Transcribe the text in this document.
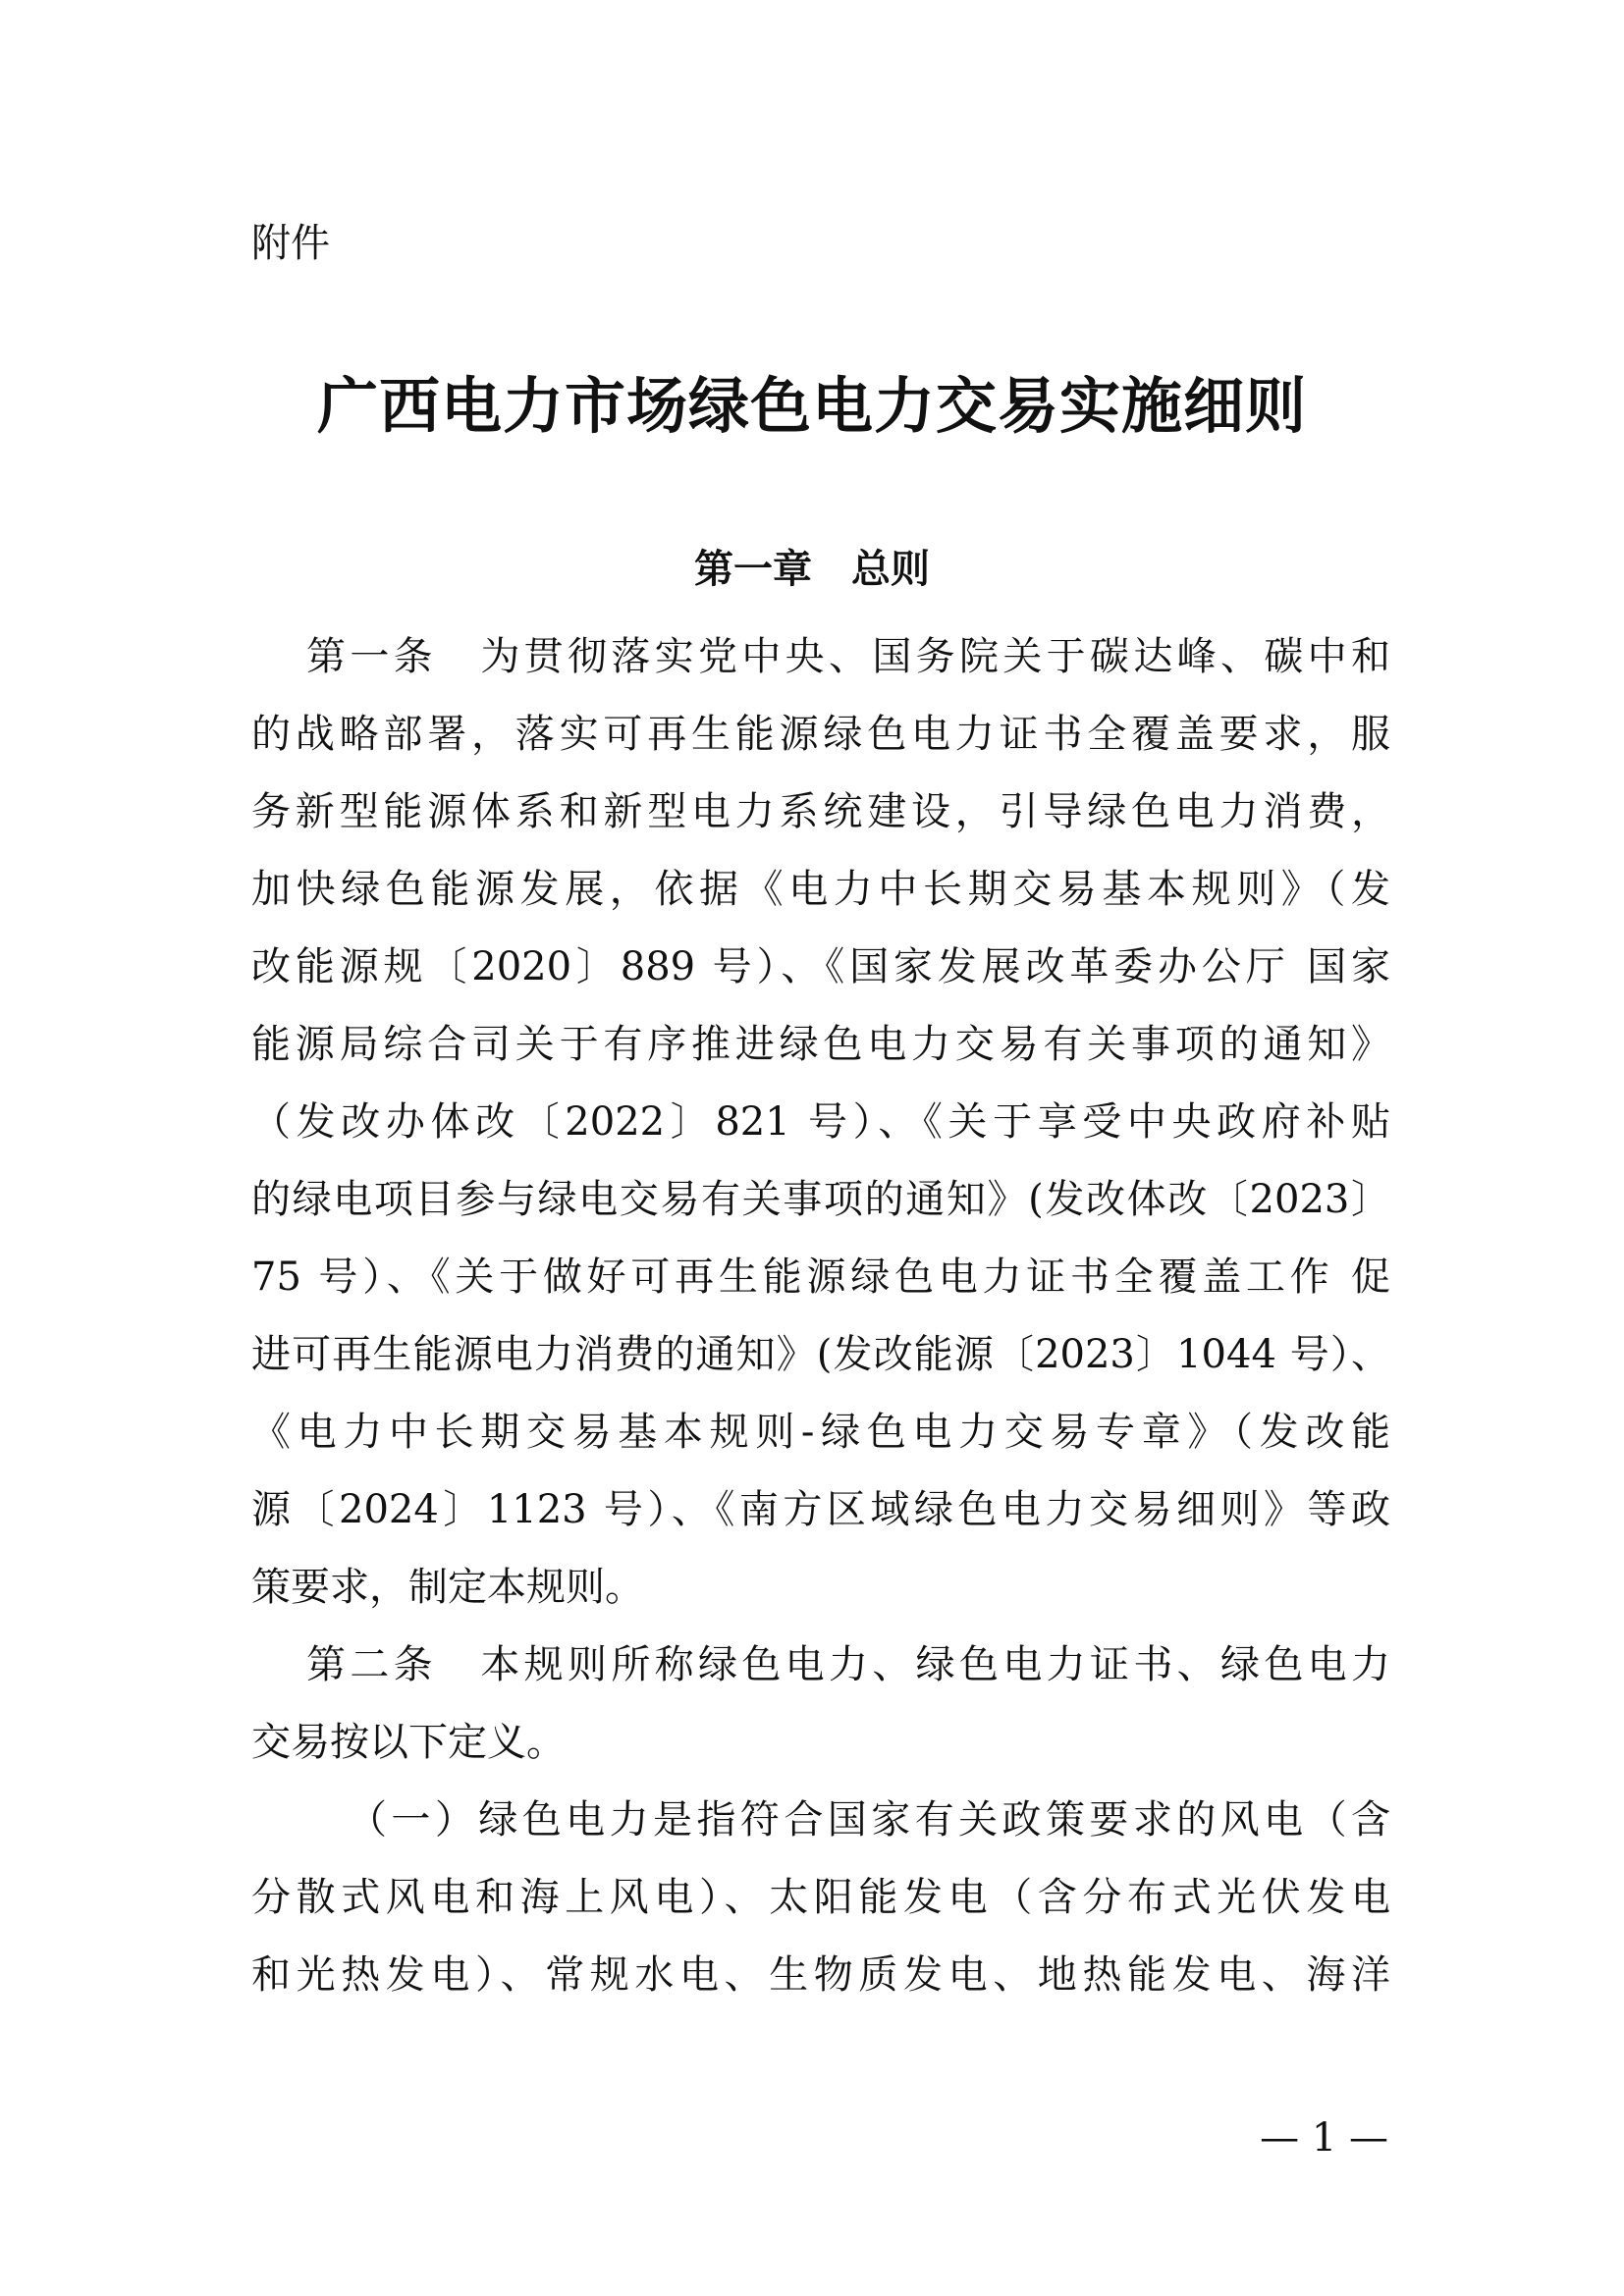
附件

广西电力市场绿色电力交易实施细则
第一章　总则
第一条　为贯彻落实党中央、国务院关于碳达峰、碳中和
的战略部署，落实可再生能源绿色电力证书全覆盖要求，服
务新型能源体系和新型电力系统建设，引导绿色电力消费，
加快绿色能源发展，依据《电力中长期交易基本规则》（发
改能源规〔2020〕889 号）、《国家发展改革委办公厅 国家
能源局综合司关于有序推进绿色电力交易有关事项的通知》
（发改办体改〔2022〕821 号）、《关于享受中央政府补贴
的绿电项目参与绿电交易有关事项的通知》(发改体改〔2023〕
75 号）、《关于做好可再生能源绿色电力证书全覆盖工作 促
进可再生能源电力消费的通知》(发改能源〔2023〕1044 号）、
《电力中长期交易基本规则-绿色电力交易专章》（发改能
源〔2024〕1123 号）、《南方区域绿色电力交易细则》等政
策要求，制定本规则。
第二条　本规则所称绿色电力、绿色电力证书、绿色电力
交易按以下定义。
（一）绿色电力是指符合国家有关政策要求的风电（含
分散式风电和海上风电）、太阳能发电（含分布式光伏发电
和光热发电）、常规水电、生物质发电、地热能发电、海洋

— 1 —
